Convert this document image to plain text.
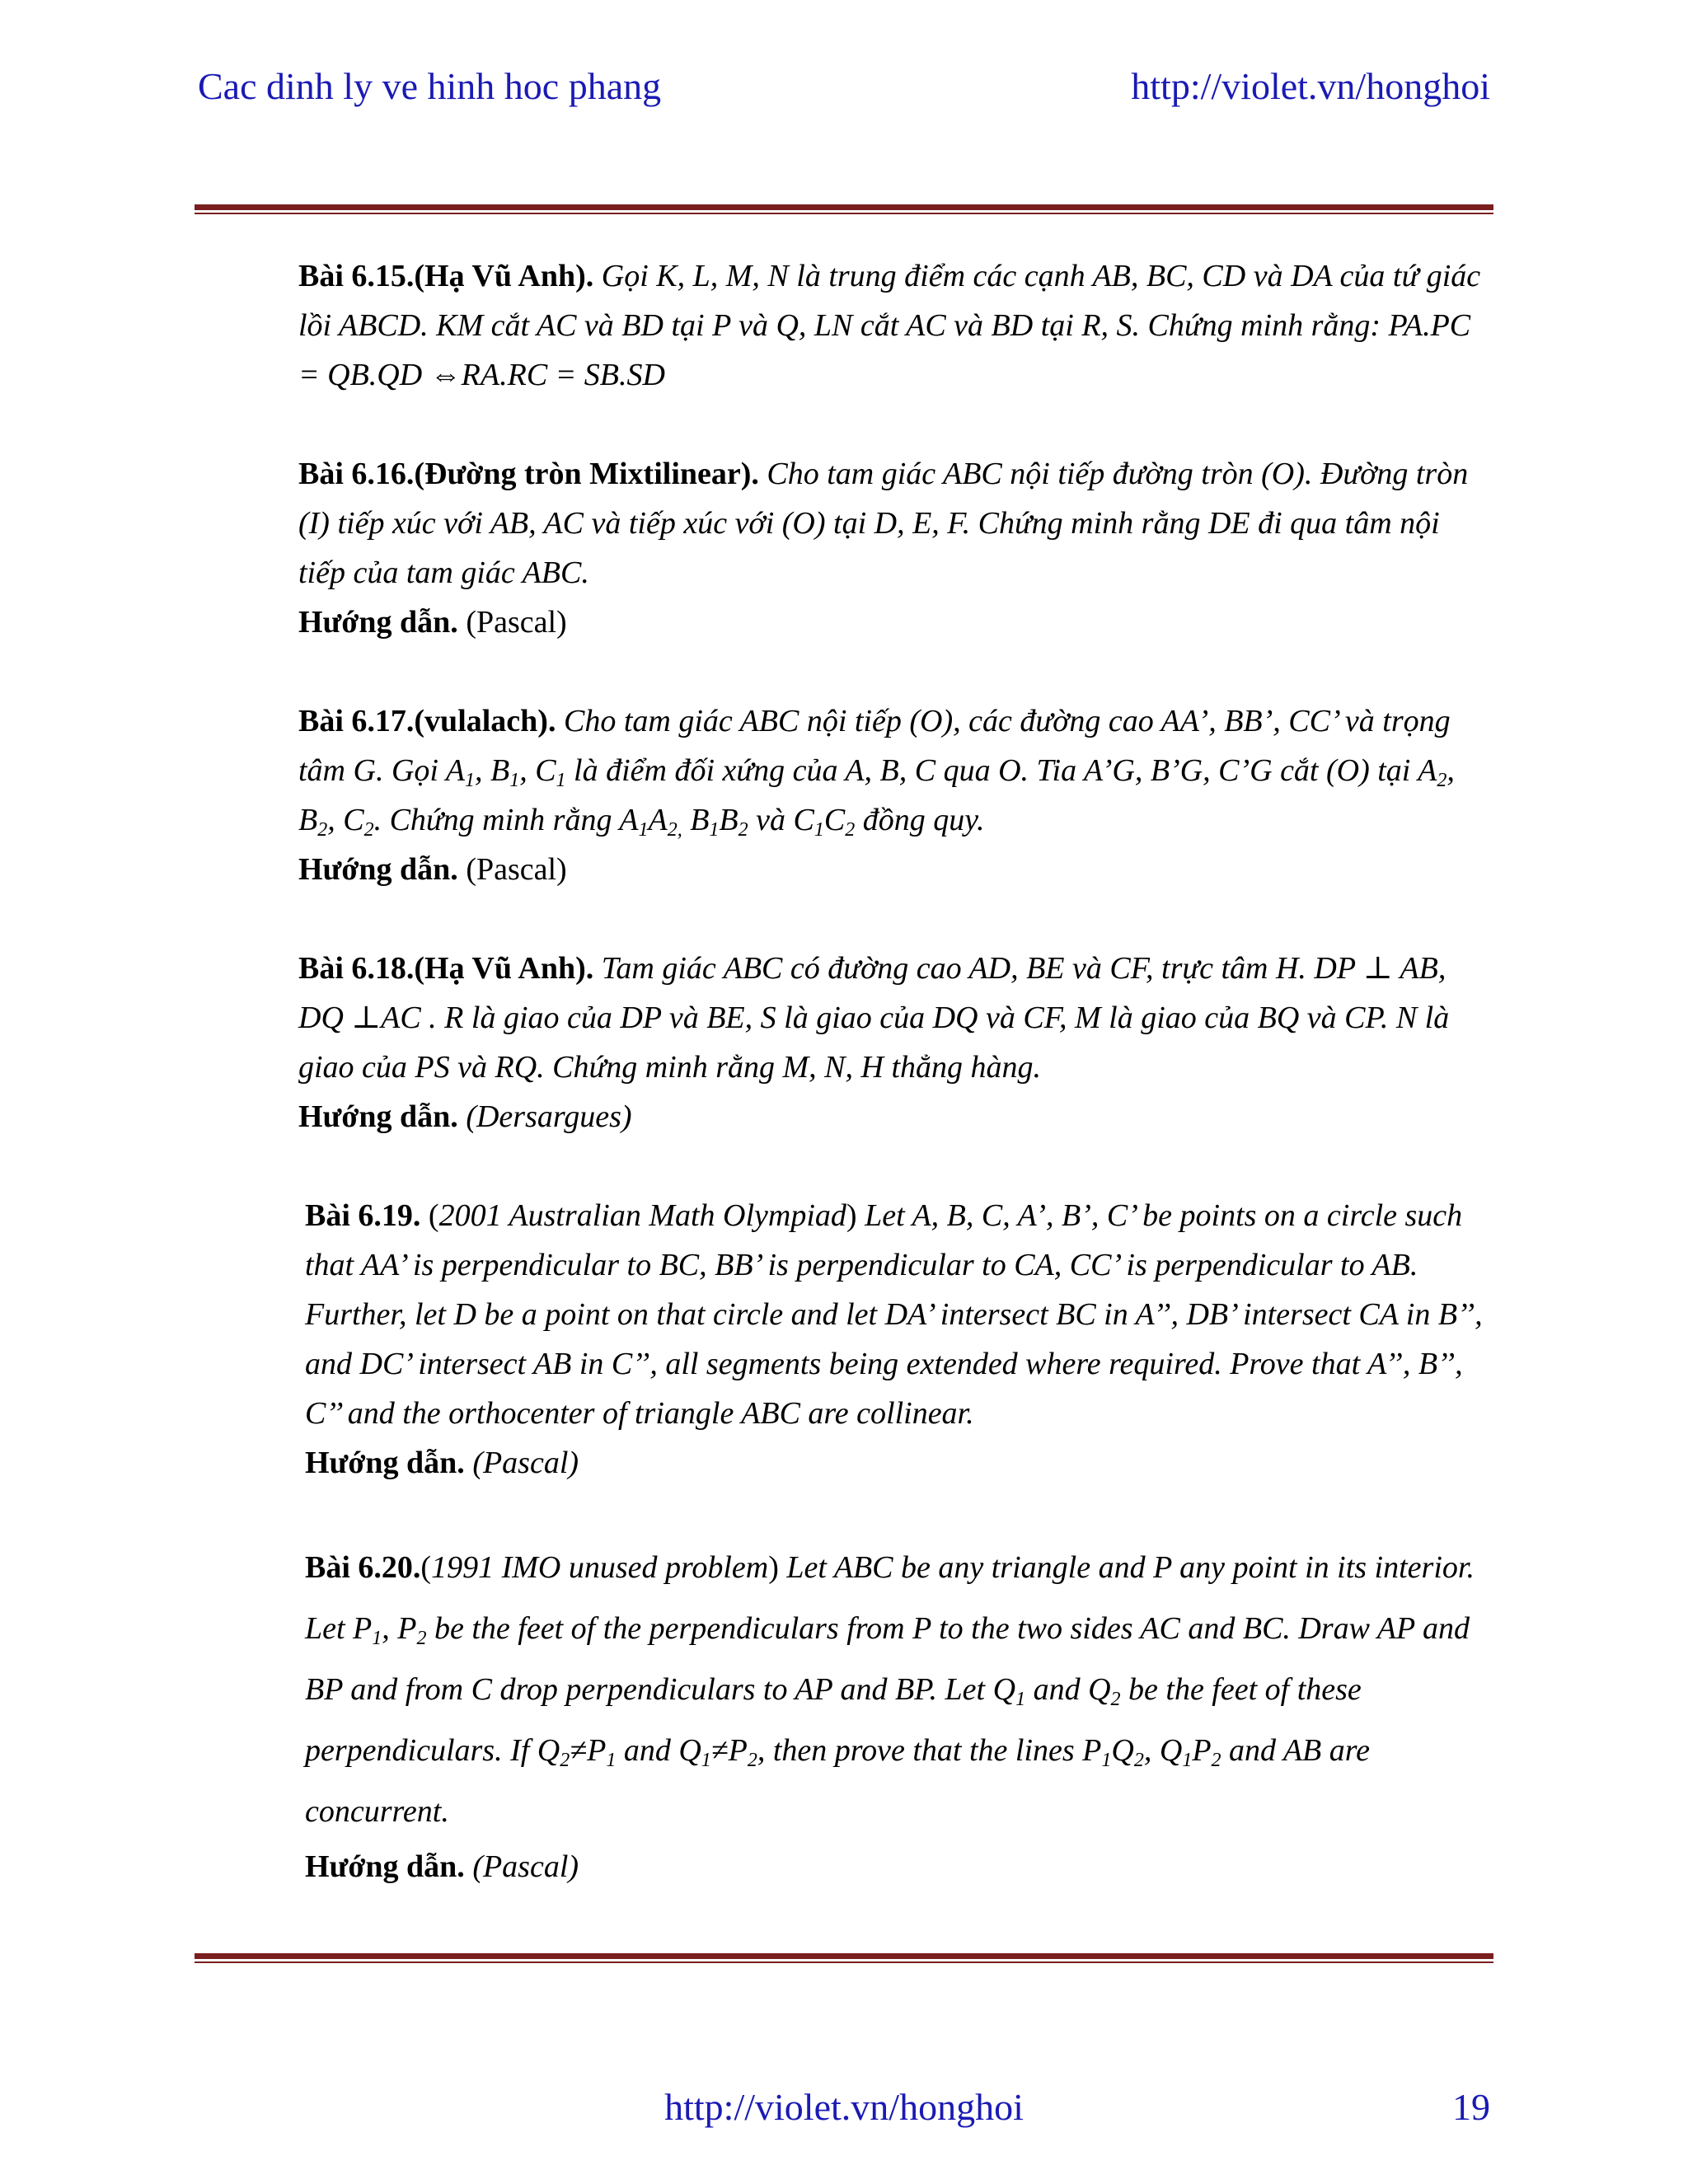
Cac dinh ly ve hinh hoc phang	http://violet.vn/honghoi

Bài 6.15.(Hạ Vũ Anh). Gọi K, L, M, N là trung điểm các cạnh AB, BC, CD và DA của tứ giác lồi ABCD. KM cắt AC và BD tại P và Q, LN cắt AC và BD tại R, S. Chứng minh rằng: PA.PC = QB.QD ⇔RA.RC = SB.SD

Bài 6.16.(Đường tròn Mixtilinear). Cho tam giác ABC nội tiếp đường tròn (O). Đường tròn (I) tiếp xúc với AB, AC và tiếp xúc với (O) tại D, E, F. Chứng minh rằng DE đi qua tâm nội tiếp của tam giác ABC.

Hướng dẫn. (Pascal)

Bài 6.17.(vulalach). Cho tam giác ABC nội tiếp (O), các đường cao AA’, BB’, CC’ và trọng tâm G. Gọi $A_1$, $B_1$, $C_1$ là điểm đối xứng của A, B, C qua O. Tia A’G, B’G, C’G cắt (O) tại $A_2$, $B_2$, $C_2$. Chứng minh rằng $A_1A_{2,}$ $B_1B_2$ và $C_1C_2$ đồng quy.

Hướng dẫn. (Pascal)

Bài 6.18.(Hạ Vũ Anh). Tam giác ABC có đường cao AD, BE và CF, trực tâm H. DP ⊥ AB, DQ ⊥AC . R là giao của DP và BE, S là giao của DQ và CF, M là giao của BQ và CP. N là giao của PS và RQ. Chứng minh rằng M, N, H thẳng hàng.

Hướng dẫn. (Dersargues)

Bài 6.19. (2001 Australian Math Olympiad) Let A, B, C, A’, B’, C’ be points on a circle such that AA’ is perpendicular to BC, BB’ is perpendicular to CA, CC’ is perpendicular to AB. Further, let D be a point on that circle and let DA’ intersect BC in A’’, DB’ intersect CA in B’’, and DC’ intersect AB in C’’, all segments being extended where required. Prove that A’’, B’’, C’’ and the orthocenter of triangle ABC are collinear.

Hướng dẫn. (Pascal)

Bài 6.20.(1991 IMO unused problem) Let ABC be any triangle and P any point in its interior. Let $P_1$, $P_2$ be the feet of the perpendiculars from P to the two sides AC and BC. Draw AP and BP and from C drop perpendiculars to AP and BP. Let $Q_1$ and $Q_2$ be the feet of these perpendiculars. If $Q_2\ne P_1$ and $Q_1\ne P_2$, then prove that the lines $P_1Q_2$, $Q_1P_2$ and AB are concurrent.

Hướng dẫn. (Pascal)

http://violet.vn/honghoi	19
